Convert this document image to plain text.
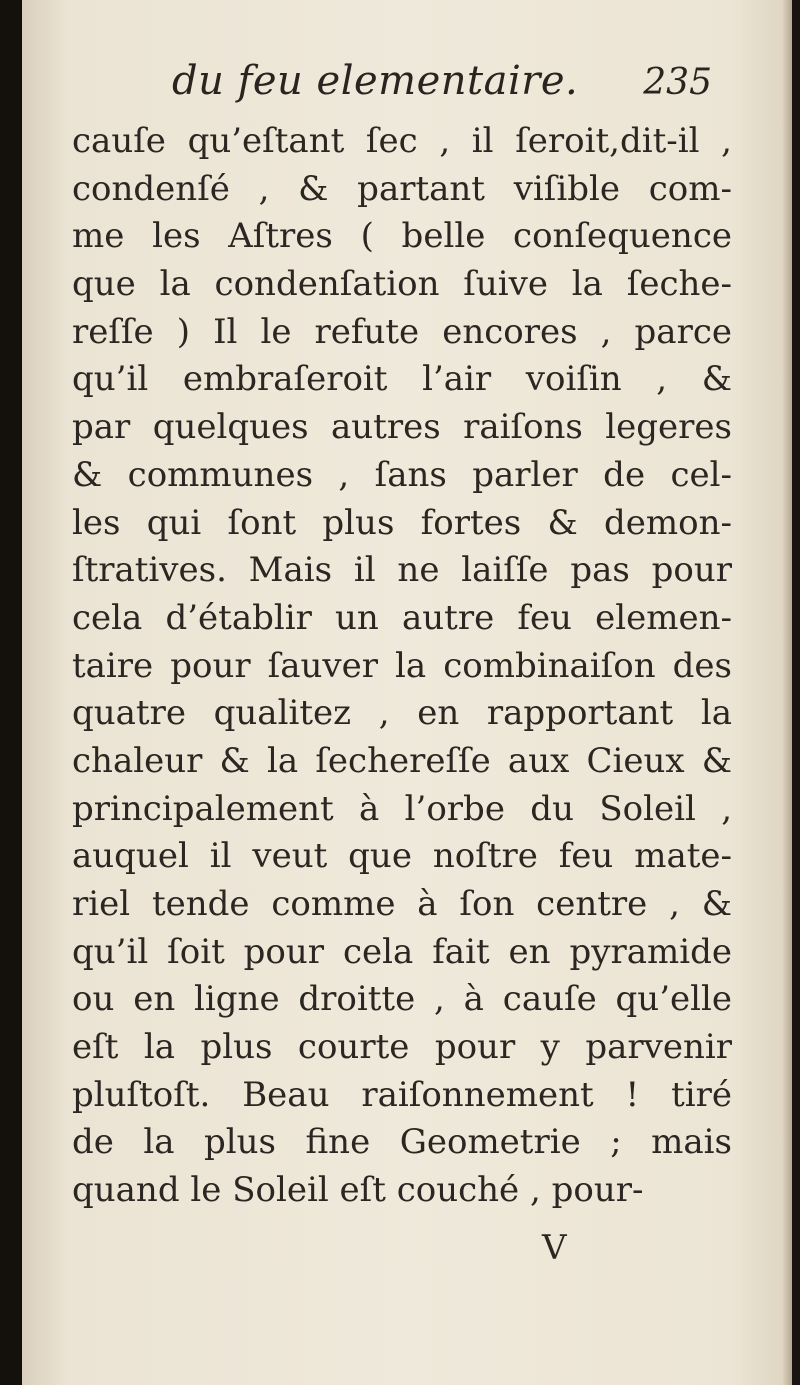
du feu elementaire. 235
cauſe qu’eſtant ſec , il ſeroit,dit-il ,
condenſé , & partant viſible com-
me les Aſtres ( belle conſequence
que la condenſation ſuive la ſeche-
reſſe ) Il le refute encores , parce
qu’il embraſeroit l’air voiſin , &
par quelques autres raiſons legeres
& communes , ſans parler de cel-
les qui ſont plus fortes & demon-
ſtratives. Mais il ne laiſſe pas pour
cela d’établir un autre feu elemen-
taire pour ſauver la combinaiſon des
quatre qualitez , en rapportant la
chaleur & la ſechereſſe aux Cieux &
principalement à l’orbe du Soleil ,
auquel il veut que noſtre feu mate-
riel tende comme à ſon centre , &
qu’il ſoit pour cela fait en pyramide
ou en ligne droitte , à cauſe qu’elle
eſt la plus courte pour y parvenir
pluſtoſt. Beau raiſonnement ! tiré
de la plus fine Geometrie ; mais
quand le Soleil eſt couché , pour-
V
